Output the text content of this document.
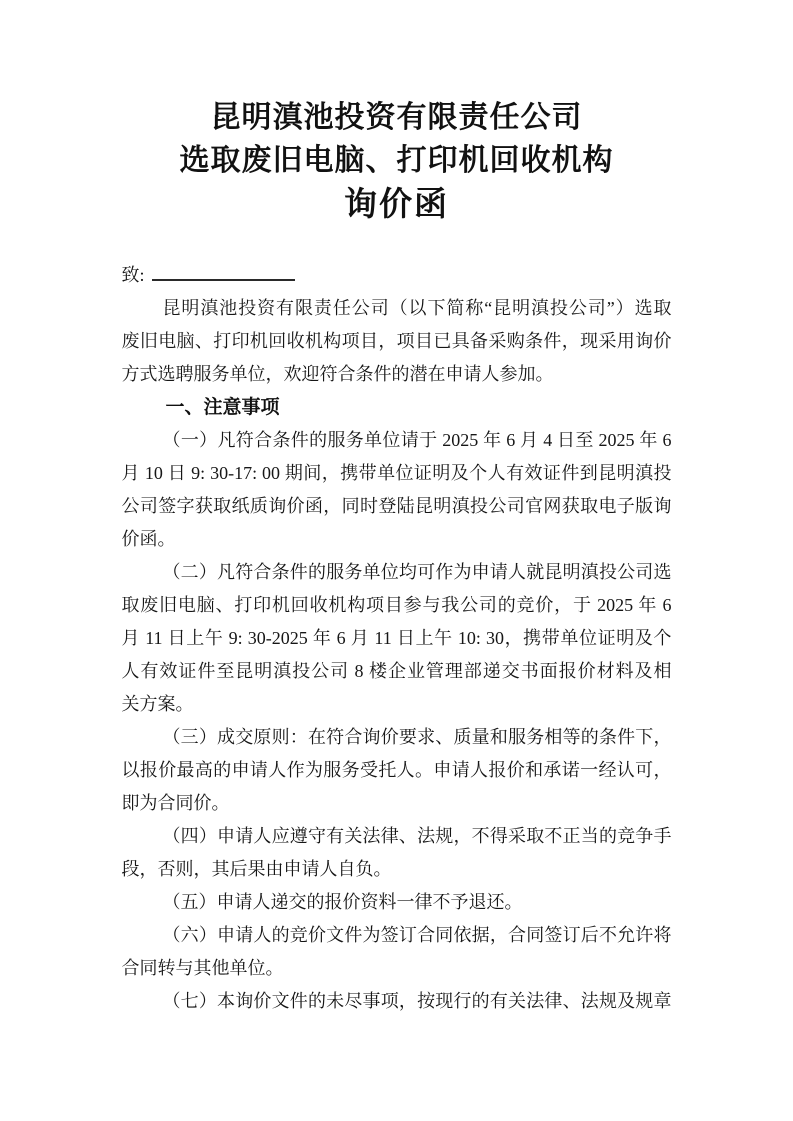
昆明滇池投资有限责任公司
选取废旧电脑、打印机回收机构
询价函
致:
昆明滇池投资有限责任公司（以下简称“昆明滇投公司”）选取
废旧电脑、打印机回收机构项目，项目已具备采购条件，现采用询价
方式选聘服务单位，欢迎符合条件的潜在申请人参加。
一、注意事项
（一）凡符合条件的服务单位请于 2025 年 6 月 4 日至 2025 年 6
月 10 日 9: 30-17: 00 期间，携带单位证明及个人有效证件到昆明滇投
公司签字获取纸质询价函，同时登陆昆明滇投公司官网获取电子版询
价函。
（二）凡符合条件的服务单位均可作为申请人就昆明滇投公司选
取废旧电脑、打印机回收机构项目参与我公司的竞价，于 2025 年 6
月 11 日上午 9: 30-2025 年 6 月 11 日上午 10: 30，携带单位证明及个
人有效证件至昆明滇投公司 8 楼企业管理部递交书面报价材料及相
关方案。
（三）成交原则：在符合询价要求、质量和服务相等的条件下，
以报价最高的申请人作为服务受托人。申请人报价和承诺一经认可，
即为合同价。
（四）申请人应遵守有关法律、法规，不得采取不正当的竞争手
段，否则，其后果由申请人自负。
（五）申请人递交的报价资料一律不予退还。
（六）申请人的竞价文件为签订合同依据，合同签订后不允许将
合同转与其他单位。
（七）本询价文件的未尽事项，按现行的有关法律、法规及规章
